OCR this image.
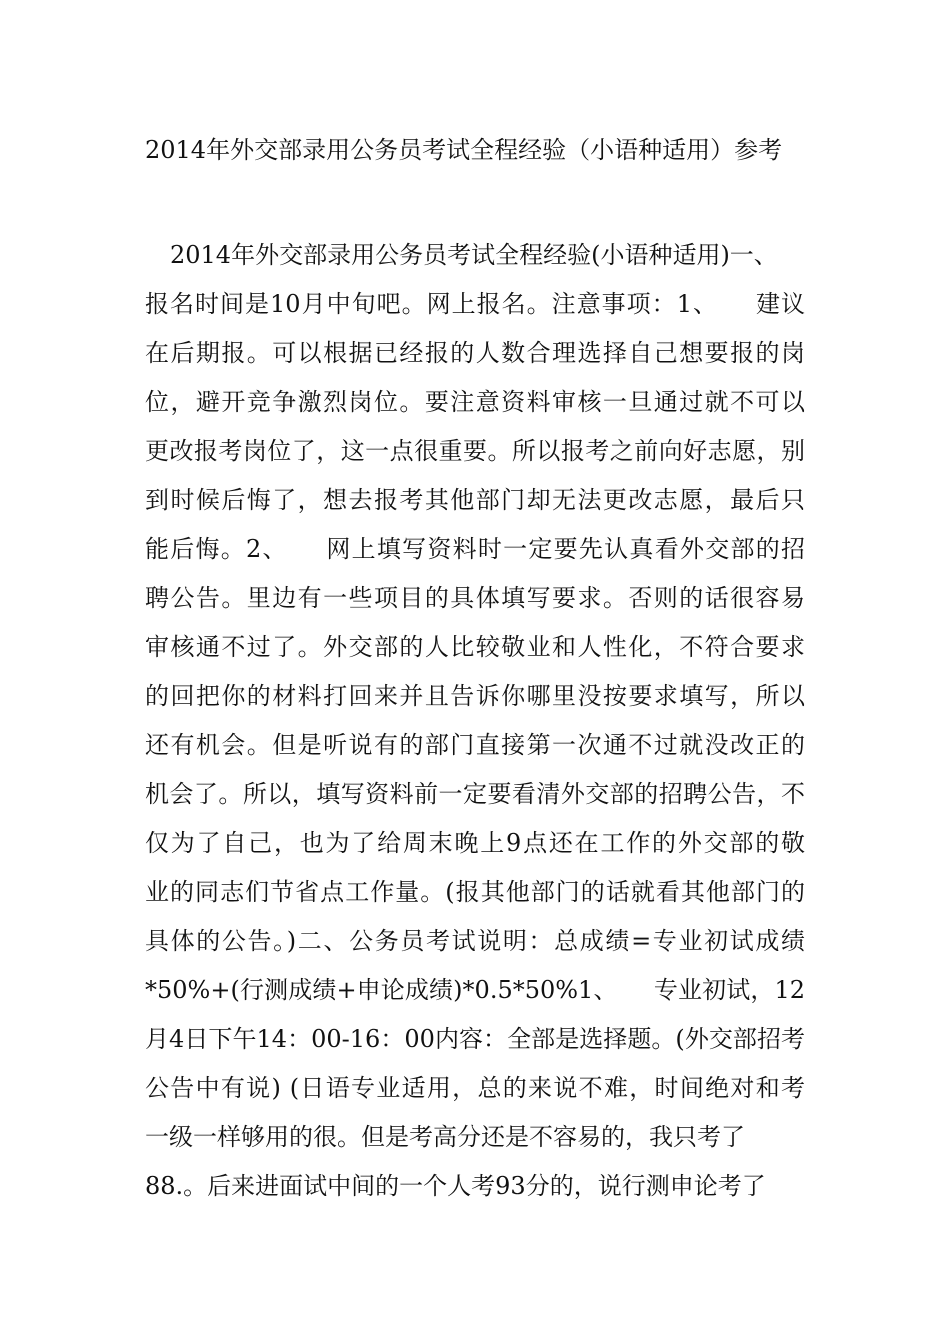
2014年外交部录用公务员考试全程经验（小语种适用）参考
2014年外交部录用公务员考试全程经验(小语种适用)一、
报名时间是10月中旬吧。网上报名。注意事项：1、　　建议
在后期报。可以根据已经报的人数合理选择自己想要报的岗
位，避开竞争激烈岗位。要注意资料审核一旦通过就不可以
更改报考岗位了，这一点很重要。所以报考之前向好志愿，别
到时候后悔了，想去报考其他部门却无法更改志愿，最后只
能后悔。2、　　网上填写资料时一定要先认真看外交部的招
聘公告。里边有一些项目的具体填写要求。否则的话很容易
审核通不过了。外交部的人比较敬业和人性化，不符合要求
的回把你的材料打回来并且告诉你哪里没按要求填写，所以
还有机会。但是听说有的部门直接第一次通不过就没改正的
机会了。所以，填写资料前一定要看清外交部的招聘公告，不
仅为了自己，也为了给周末晚上9点还在工作的外交部的敬
业的同志们节省点工作量。(报其他部门的话就看其他部门的
具体的公告。)二、公务员考试说明：总成绩=专业初试成绩
*50%+(行测成绩+申论成绩)*0.5*50%1、　　专业初试，12
月4日下午14：00-16：00内容：全部是选择题。(外交部招考
公告中有说) (日语专业适用，总的来说不难，时间绝对和考
一级一样够用的很。但是考高分还是不容易的，我只考了
88.。后来进面试中间的一个人考93分的，说行测申论考了
